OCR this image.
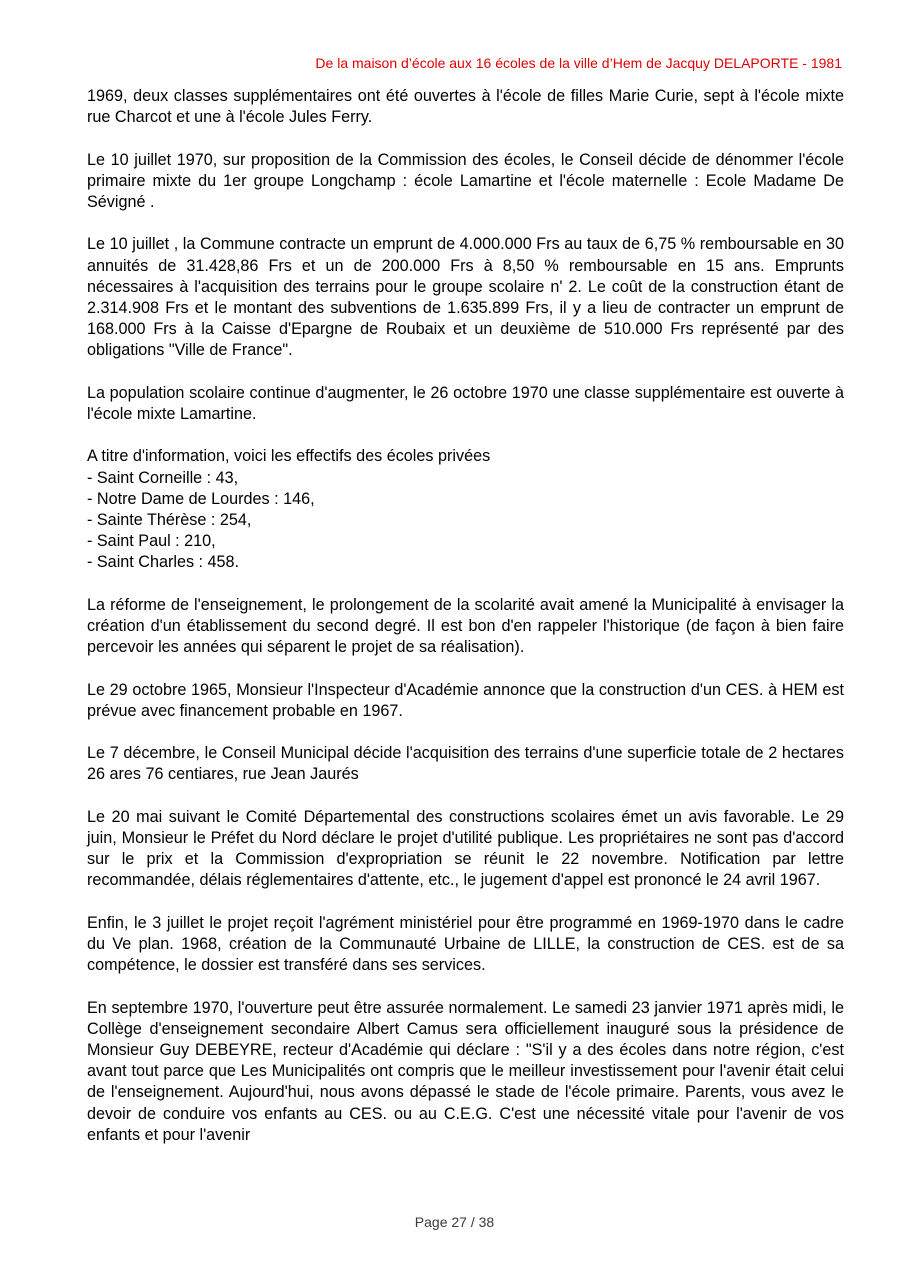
De la maison d’école aux 16 écoles de la ville d’Hem de Jacquy DELAPORTE - 1981

1969, deux classes supplémentaires ont été ouvertes à l'école de filles Marie Curie, sept à l'école mixte rue Charcot et une à l'école Jules Ferry.

Le 10 juillet 1970, sur proposition de la Commission des écoles, le Conseil décide de dénommer l'école primaire mixte du 1er groupe Longchamp : école Lamartine et l'école maternelle : Ecole Madame De Sévigné .

Le 10 juillet , la Commune contracte un emprunt de 4.000.000 Frs au taux de 6,75 % remboursable en 30 annuités de 31.428,86 Frs et un de 200.000 Frs à 8,50 % remboursable en 15 ans. Emprunts nécessaires à l'acquisition des terrains pour le groupe scolaire n' 2. Le coût de la construction étant de 2.314.908 Frs et le montant des subventions de 1.635.899 Frs, il y a lieu de contracter un emprunt de 168.000 Frs à la Caisse d'Epargne de Roubaix et un deuxième de 510.000 Frs représenté par des obligations "Ville de France".

La population scolaire continue d'augmenter, le 26 octobre 1970 une classe supplémentaire est ouverte à l'école mixte Lamartine.

A titre d'information, voici les effectifs des écoles privées

- Saint Corneille : 43,
- Notre Dame de Lourdes : 146,
- Sainte Thérèse : 254,
- Saint Paul : 210,
- Saint Charles : 458.

La réforme de l'enseignement, le prolongement de la scolarité avait amené la Municipalité à envisager la création d'un établissement du second degré. Il est bon d'en rappeler l'historique (de façon à bien faire percevoir les années qui séparent le projet de sa réalisation).

Le 29 octobre 1965, Monsieur l'Inspecteur d'Académie annonce que la construction d'un CES. à HEM est prévue avec financement probable en 1967.

Le 7 décembre, le Conseil Municipal décide l'acquisition des terrains d'une superficie totale de 2 hectares 26 ares 76 centiares, rue Jean Jaurés

Le 20 mai suivant le Comité Départemental des constructions scolaires émet un avis favorable. Le 29 juin, Monsieur le Préfet du Nord déclare le projet d'utilité publique. Les propriétaires ne sont pas d'accord sur le prix et la Commission d'expropriation se réunit le 22 novembre. Notification par lettre recommandée, délais réglementaires d'attente, etc., le jugement d'appel est prononcé le 24 avril 1967.

Enfin, le 3 juillet le projet reçoit l'agrément ministériel pour être programmé en 1969-1970 dans le cadre du Ve plan. 1968, création de la Communauté Urbaine de LILLE, la construction de CES. est de sa compétence, le dossier est transféré dans ses services.

En septembre 1970, l'ouverture peut être assurée normalement. Le samedi 23 janvier 1971 après midi, le Collège d'enseignement secondaire Albert Camus sera officiellement inauguré sous la présidence de Monsieur Guy DEBEYRE, recteur d'Académie qui déclare : "S'il y a des écoles dans notre région, c'est avant tout parce que Les Municipalités ont compris que le meilleur investissement pour l'avenir était celui de l'enseignement. Aujourd'hui, nous avons dépassé le stade de l'école primaire. Parents, vous avez le devoir de conduire vos enfants au CES. ou au C.E.G. C'est une nécessité vitale pour l'avenir de vos enfants et pour l'avenir

Page 27 / 38
